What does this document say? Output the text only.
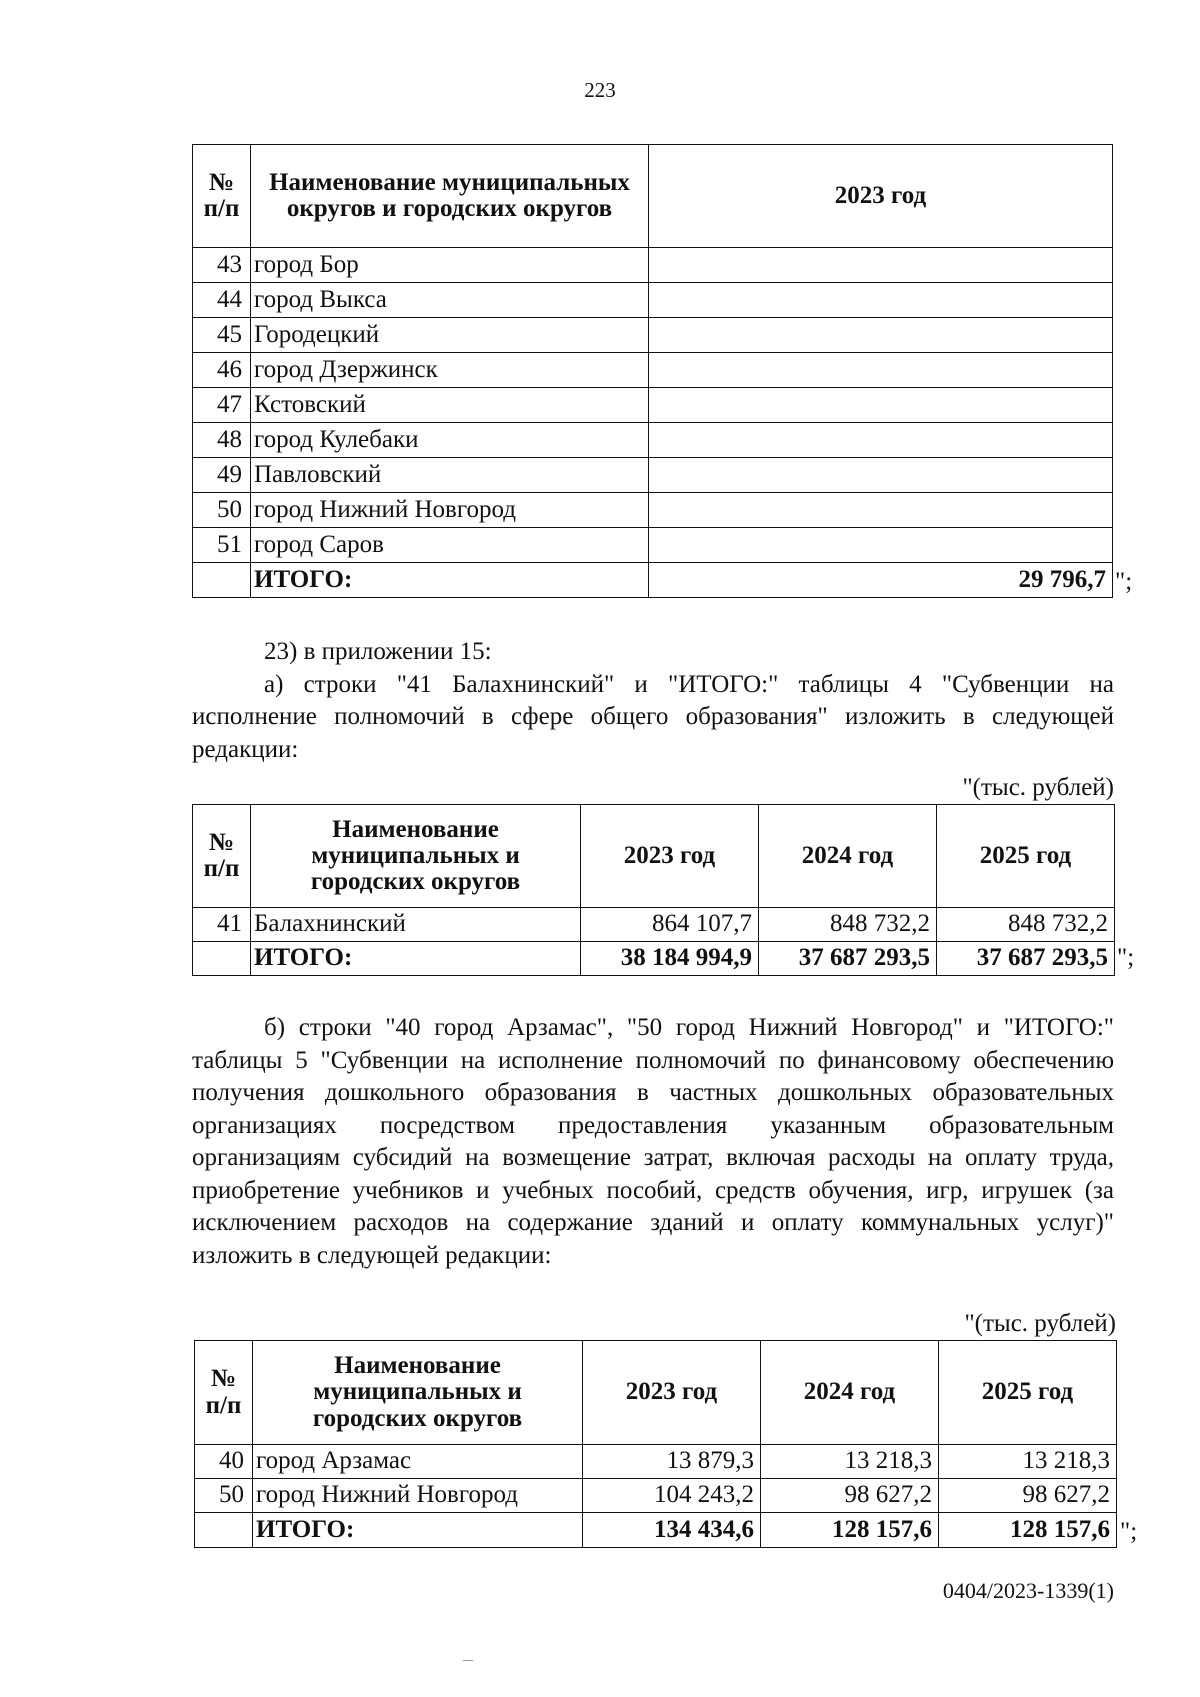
223
№ п/п	Наименование муниципальных округов и городских округов	2023 год
43	город Бор	
44	город Выкса	
45	Городецкий	
46	город Дзержинск	
47	Кстовский	
48	город Кулебаки	
49	Павловский	
50	город Нижний Новгород	
51	город Саров	
	ИТОГО:	29 796,7 ";

23) в приложении 15:

а) строки "41 Балахнинский" и "ИТОГО:" таблицы 4 "Субвенции на исполнение полномочий в сфере общего образования" изложить в следующей редакции:

"(тыс. рублей)
№ п/п	Наименование муниципальных и городских округов	2023 год	2024 год	2025 год
41	Балахнинский	864 107,7	848 732,2	848 732,2
	ИТОГО:	38 184 994,9	37 687 293,5	37 687 293,5 ";

б) строки "40 город Арзамас", "50 город Нижний Новгород" и "ИТОГО:" таблицы 5 "Субвенции на исполнение полномочий по финансовому обеспечению получения дошкольного образования в частных дошкольных образовательных организациях посредством предоставления указанным образовательным организациям субсидий на возмещение затрат, включая расходы на оплату труда, приобретение учебников и учебных пособий, средств обучения, игр, игрушек (за исключением расходов на содержание зданий и оплату коммунальных услуг)" изложить в следующей редакции:

"(тыс. рублей)
№ п/п	Наименование муниципальных и городских округов	2023 год	2024 год	2025 год
40	город Арзамас	13 879,3	13 218,3	13 218,3
50	город Нижний Новгород	104 243,2	98 627,2	98 627,2
	ИТОГО:	134 434,6	128 157,6	128 157,6 ";
0404/2023-1339(1)
